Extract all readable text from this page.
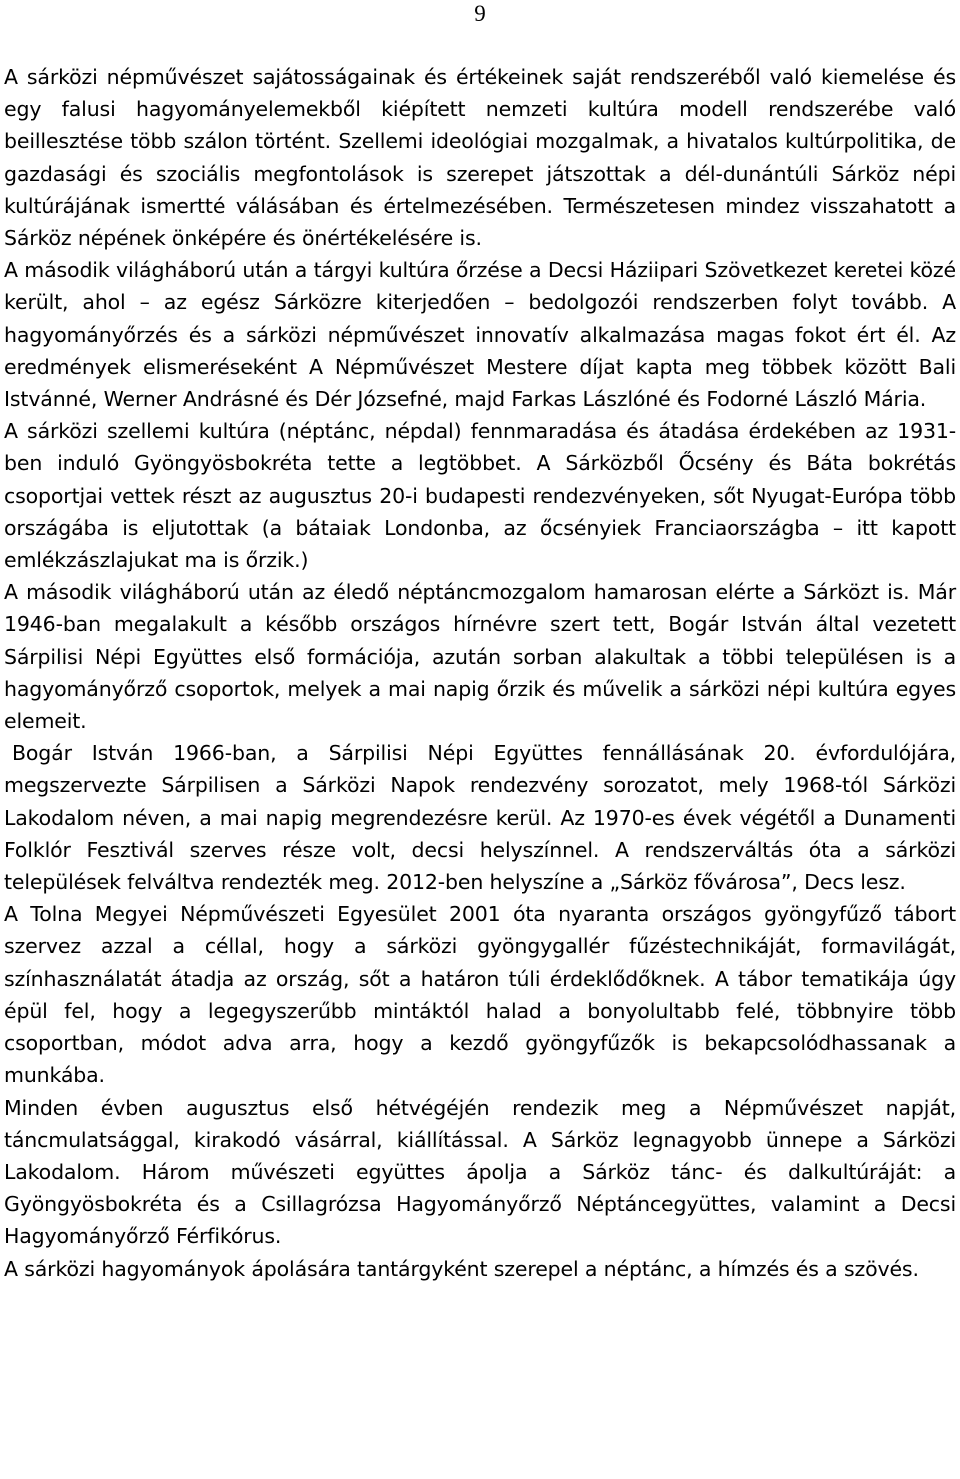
9

A sárközi népművészet sajátosságainak és értékeinek saját rendszeréből való kiemelése és egy falusi hagyományelemekből kiépített nemzeti kultúra modell rendszerébe való beillesztése több szálon történt. Szellemi ideológiai mozgalmak, a hivatalos kultúrpolitika, de gazdasági és szociális megfontolások is szerepet játszottak a dél-dunántúli Sárköz népi kultúrájának ismertté válásában és értelmezésében. Természetesen mindez visszahatott a Sárköz népének önképére és önértékelésére is.

A második világháború után a tárgyi kultúra őrzése a Decsi Háziipari Szövetkezet keretei közé került, ahol – az egész Sárközre kiterjedően – bedolgozói rendszerben folyt tovább. A hagyományőrzés és a sárközi népművészet innovatív alkalmazása magas fokot ért él. Az eredmények elismeréseként A Népművészet Mestere díjat kapta meg többek között Bali Istvánné, Werner Andrásné és Dér Józsefné, majd Farkas Lászlóné és Fodorné László Mária.

A sárközi szellemi kultúra (néptánc, népdal) fennmaradása és átadása érdekében az 1931-ben induló Gyöngyösbokréta tette a legtöbbet. A Sárközből Őcsény és Báta bokrétás csoportjai vettek részt az augusztus 20-i budapesti rendezvényeken, sőt Nyugat-Európa több országába is eljutottak (a bátaiak Londonba, az őcsényiek Franciaországba – itt kapott emlékzászlajukat ma is őrzik.)

A második világháború után az éledő néptáncmozgalom hamarosan elérte a Sárközt is. Már 1946-ban megalakult a később országos hírnévre szert tett, Bogár István által vezetett Sárpilisi Népi Együttes első formációja, azután sorban alakultak a többi településen is a hagyományőrző csoportok, melyek a mai napig őrzik és művelik a sárközi népi kultúra egyes elemeit.

Bogár István 1966-ban, a Sárpilisi Népi Együttes fennállásának 20. évfordulójára, megszervezte Sárpilisen a Sárközi Napok rendezvény sorozatot, mely 1968-tól Sárközi Lakodalom néven, a mai napig megrendezésre kerül. Az 1970-es évek végétől a Dunamenti Folklór Fesztivál szerves része volt, decsi helyszínnel. A rendszerváltás óta a sárközi települések felváltva rendezték meg. 2012-ben helyszíne a „Sárköz fővárosa”, Decs lesz.

A Tolna Megyei Népművészeti Egyesület 2001 óta nyaranta országos gyöngyfűző tábort szervez azzal a céllal, hogy a sárközi gyöngygallér fűzéstechnikáját, formavilágát, színhasználatát átadja az ország, sőt a határon túli érdeklődőknek. A tábor tematikája úgy épül fel, hogy a legegyszerűbb mintáktól halad a bonyolultabb felé, többnyire több csoportban, módot adva arra, hogy a kezdő gyöngyfűzők is bekapcsolódhassanak a munkába.

Minden évben augusztus első hétvégéjén rendezik meg a Népművészet napját, táncmulatsággal, kirakodó vásárral, kiállítással. A Sárköz legnagyobb ünnepe a Sárközi Lakodalom. Három művészeti együttes ápolja a Sárköz tánc- és dalkultúráját: a Gyöngyösbokréta és a Csillagrózsa Hagyományőrző Néptáncegyüttes, valamint a Decsi Hagyományőrző Férfikórus.

A sárközi hagyományok ápolására tantárgyként szerepel a néptánc, a hímzés és a szövés.
